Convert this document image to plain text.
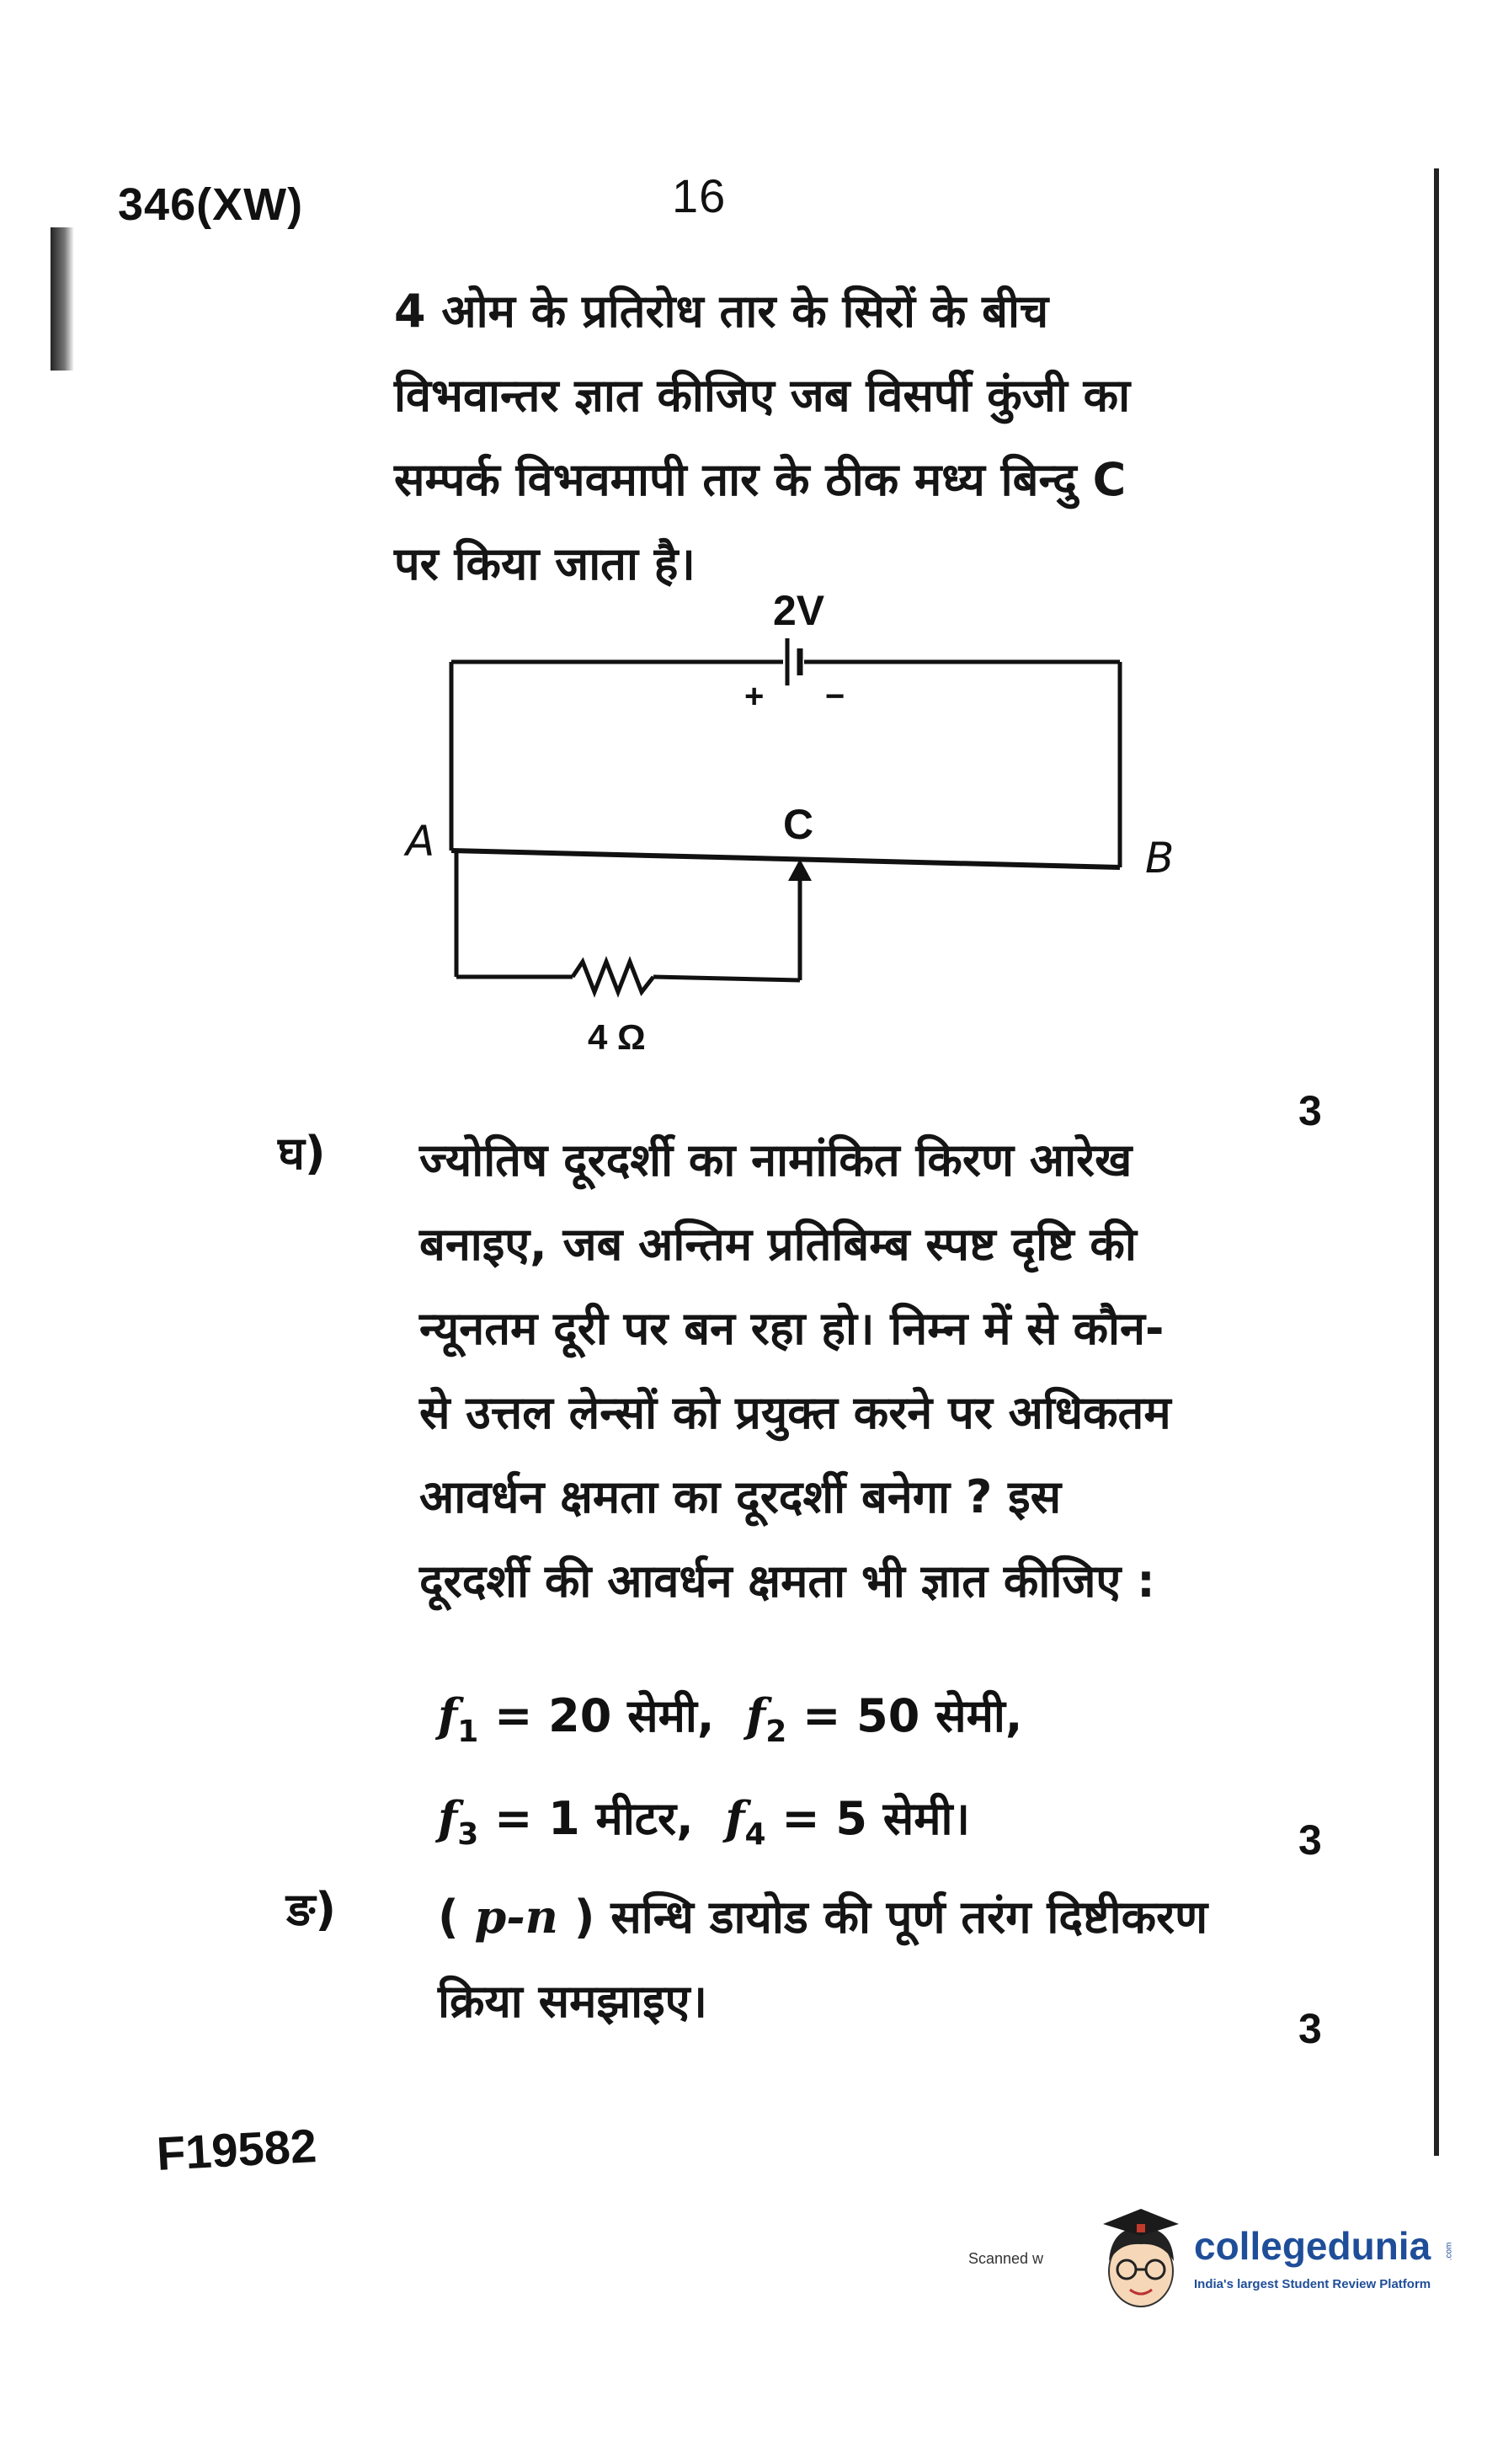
346(XW)	16
4 ओम के प्रतिरोध तार के सिरों के बीच
विभवान्तर ज्ञात कीजिए जब विसर्पी कुंजी का
सम्पर्क विभवमापी तार के ठीक मध्य बिन्दु C
पर किया जाता है।
2V
+ −
A	C
B
4 Ω
3
घ) ज्योतिष दूरदर्शी का नामांकित किरण आरेख
बनाइए, जब अन्तिम प्रतिबिम्ब स्पष्ट दृष्टि की
न्यूनतम दूरी पर बन रहा हो। निम्न में से कौन-
से उत्तल लेन्सों को प्रयुक्त करने पर अधिकतम
आवर्धन क्षमता का दूरदर्शी बनेगा ? इस
दूरदर्शी की आवर्धन क्षमता भी ज्ञात कीजिए :
$f_1 = 20$ सेमी, $f_2 = 50$ सेमी,
$f_3 = 1$ मीटर, $f_4 = 5$ सेमी।	3
ङ) ( p-n ) सन्धि डायोड की पूर्ण तरंग दिष्टीकरण
क्रिया समझाइए।
3
F19582
Scanned w	collegedunia .com
India's largest Student Review Platform
